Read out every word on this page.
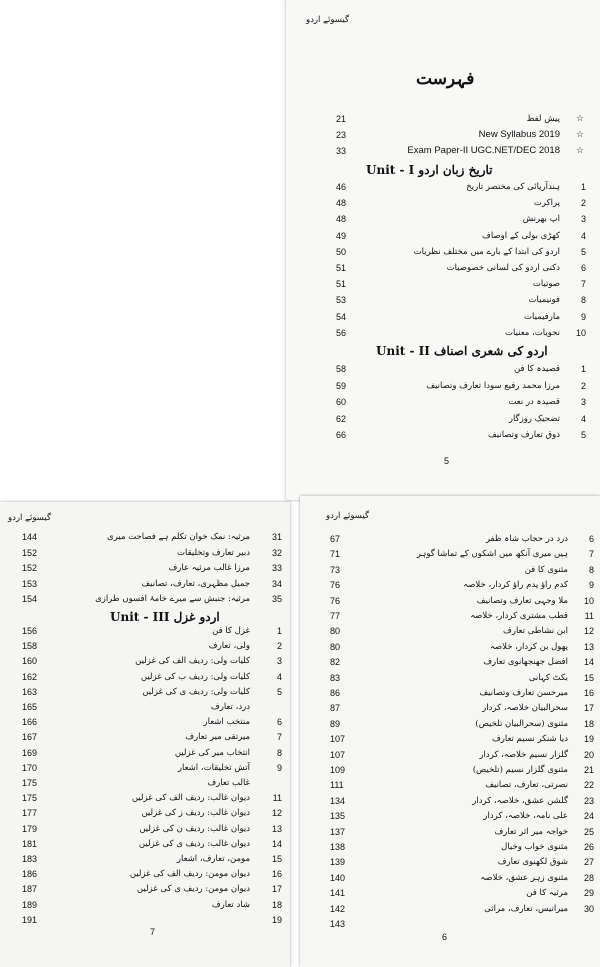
گیسوئے اردو
فہرست
21	پیش لفظ ☆
23	New Syllabus 2019 ☆
33	Exam Paper-II UGC.NET/DEC 2018 ☆
Unit - I تاریخ زبان اردو
46	ہندآریائی کی مختصر تاریخ	1
48	پراکرت	2
48	اپ بھرنش	3
49	کھڑی بولی کے اوصاف	4
50	اردو کی ابتدا کے بارے میں مختلف نظریات	5
51	دکنی اردو کی لسانی خصوصیات	6
51	صوتیات	7
53	فونیمیات	8
54	مارفیمیات	9
56	نحویات، معنیات	10
Unit - II اردو کی شعری اصناف
58	قصیدہ کا فن	1
59	مرزا محمد رفیع سودا تعارف وتصانیف	2
60	قصیدہ در نعت	3
62	تضحیک روزگار	4
66	ذوق تعارف وتصانیف	5
5
گیسوئے اردو
144	مرثیہ: نمک خوان تکلم ہے فصاحت میری	31
152	دبیر تعارف وتخلیقات	32
152	مرزا غالب مرثیہ عارف	33
153	جمیل مظہری، تعارف، تصانیف	34
154	مرثیہ: جنبش سے میرے خامۂ افسوں طرازی	35
Unit - III اردو غزل
156	غزل کا فن	1
158	ولی، تعارف	2
160	کلیات ولی: ردیف الف کی غزلیں	3
162	کلیات ولی: ردیف ب کی غزلیں	4
163	کلیات ولی: ردیف ی کی غزلیں	5
165	درد، تعارف
166	منتخب اشعار	6
167	میرتقی میر تعارف	7
169	انتخاب میر کی غزلیں	8
170	آتش تخلیقات، اشعار	9
175	غالب تعارف
175	دیوان غالب: ردیف الف کی غزلیں	11
177	دیوان غالب: ردیف ز کی غزلیں	12
179	دیوان غالب: ردیف ن کی غزلیں	13
181	دیوان غالب: ردیف ی کی غزلیں	14
183	مومن، تعارف، اشعار	15
186	دیوان مومن: ردیف الف کی غزلیں	16
187	دیوان مومن: ردیف ی کی غزلیں	17
189	شاد تعارف	18
191	19
7
گیسوئے اردو
67	درد در حجاب شاہ ظفر	6
71	ہیں میری آنکھ میں اشکوں کے تماشا گوہر	7
73	مثنوی کا فن	8
76	کدم راؤ پدم راؤ کردار، خلاصہ	9
76	ملا وجہی تعارف وتصانیف	10
77	قطب مشتری کردار، خلاصہ	11
80	ابن نشاطی تعارف	12
80	پھول بن کردار، خلاصہ	13
82	افضل جھنجھانوی تعارف	14
83	بکٹ کہانی	15
86	میرحسن تعارف وتصانیف	16
87	سحرالبیان خلاصہ، کردار	17
89	مثنوی (سحرالبیان تلخیص)	18
107	دیا شنکر نسیم تعارف	19
107	گلزار نسیم خلاصہ، کردار	20
109	مثنوی گلزار نسیم (تلخیص)	21
111	نصرتی، تعارف، تصانیف	22
134	گلشن عشق، خلاصہ، کردار	23
135	علی نامہ، خلاصہ، کردار	24
137	خواجہ میر اثر تعارف	25
138	مثنوی خواب وخیال	26
139	شوق لکھنوی تعارف	27
140	مثنوی زہر عشق، خلاصہ	28
141	مرثیہ کا فن	29
142	میرانیس، تعارف، مراثی	30
143
6
